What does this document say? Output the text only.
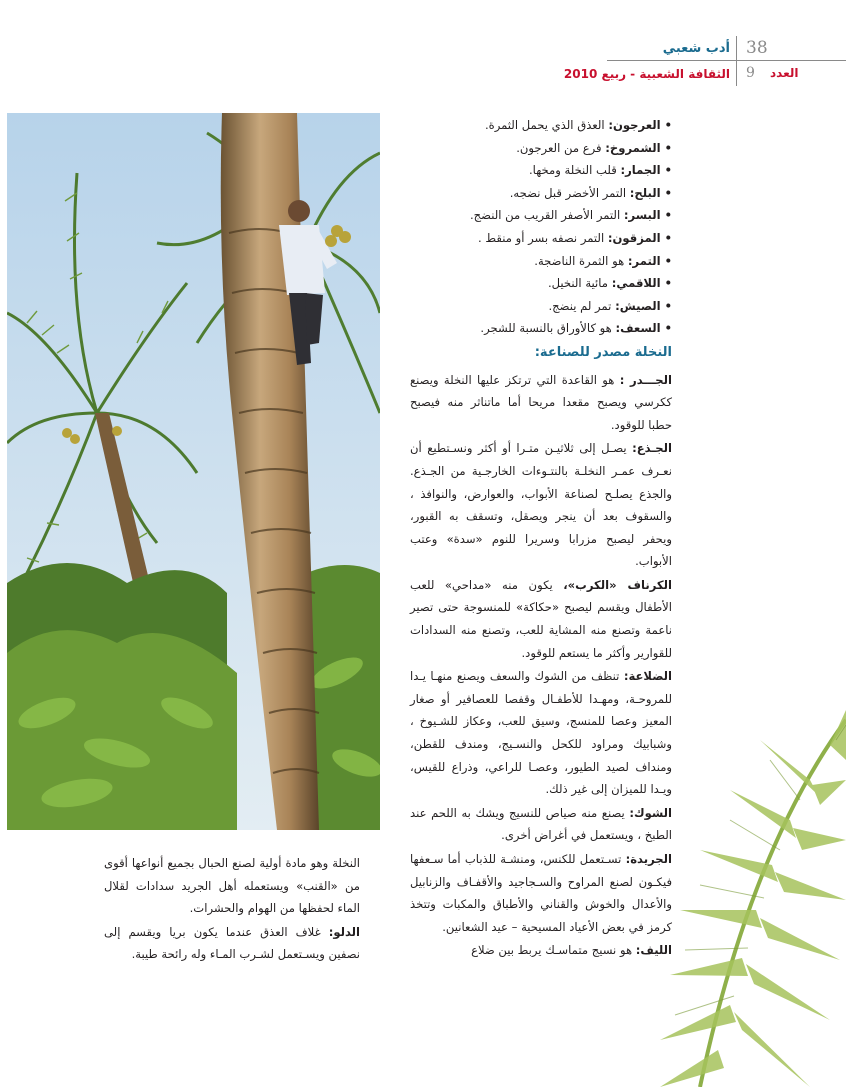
38
9 العدد
أدب شعبي
الثقافة الشعبية - ربيع 2010
•العرجون: العذق الذي يحمل الثمرة.
•الشمروخ: فرع من العرجون.
•الجمار: قلب النخلة ومخها.
•البلح: التمر الأخضر قبل نضجه.
•البسر: التمر الأصفر القريب من النضج.
•المزقون: التمر نصفه بسر أو منقط .
•التمر: هو الثمرة الناضجة.
•اللاقمي: مائية النخيل.
•الصيش: تمر لم ينضج.
•السعف: هو كالأوراق بالنسبة للشجر.
النخلة مصدر للصناعة:

الجـــدر : هو القاعدة التي ترتكز عليها النخلة ويصنع ككرسي ويصبح مقعدا مريحا أما ماتناثر منه فيصبح حطبا للوقود.

الجـذع: يصـل إلى ثلاثيـن متـرا أو أكثر ونسـتطيع أن نعـرف عمـر النخلـة بالنتـوءات الخارجـية من الجـذع. والجذع يصلـح لصناعة الأبواب، والعوارض، والنوافذ ، والسقوف بعد أن ينجر ويصقل، وتسقف به القبور، ويحفر ليصبح مزرابا وسريرا للنوم «سدة» وعتب الأبواب.

الكرناف «الكرب»، يكون منه «مداحي» للعب الأطفال ويقسم ليصبح «حكاكة» للمنسوجة حتى تصير ناعمة وتصنع منه المشاية للعب، وتصنع منه السدادات للقوارير وأكثر ما يستعم للوقود.

الضلاعة: تنظف من الشوك والسعف ويصنع منهـا يـدا للمروحـة، ومهـدا للأطفـال وقفصا للعصافير أو صغار المعيز وعصا للمنسج، وسيق للعب، وعكاز للشـيوخ ، وشبابيك ومراود للكحل والنسـيج، ومندف للقطن، ومنداف لصيد الطيور، وعصـا للراعي، وذراع للقيس، ويـدا للميزان إلى غير ذلك.

الشوك: يصنع منه صياص للنسيج ويشك به اللحم عند الطبخ ، ويستعمل في أغراض أخرى.

الجريدة: تسـتعمل للكنس، ومنشـة للذباب أما سـعفها فيكـون لصنع المراوح والسـجاجيد والأقفـاف والزنابيل والأعدال والخوش والقناني والأطباق والمكبات وتتخذ كرمز في بعض الأعياد المسيحية – عيد الشعانين.

الليف: هو نسيج متماسـك يربط بين ضلاع

النخلة وهو مادة أولية لصنع الحبال بجميع أنواعها أقوى من «القنب» ويستعمله أهل الجريد سدادات لقلال الماء لحفظها من الهوام والحشرات.

الدلو: غلاف العذق عندما يكون بريا ويقسم إلى نصفين ويسـتعمل لشـرب المـاء وله رائحة طيبة.
